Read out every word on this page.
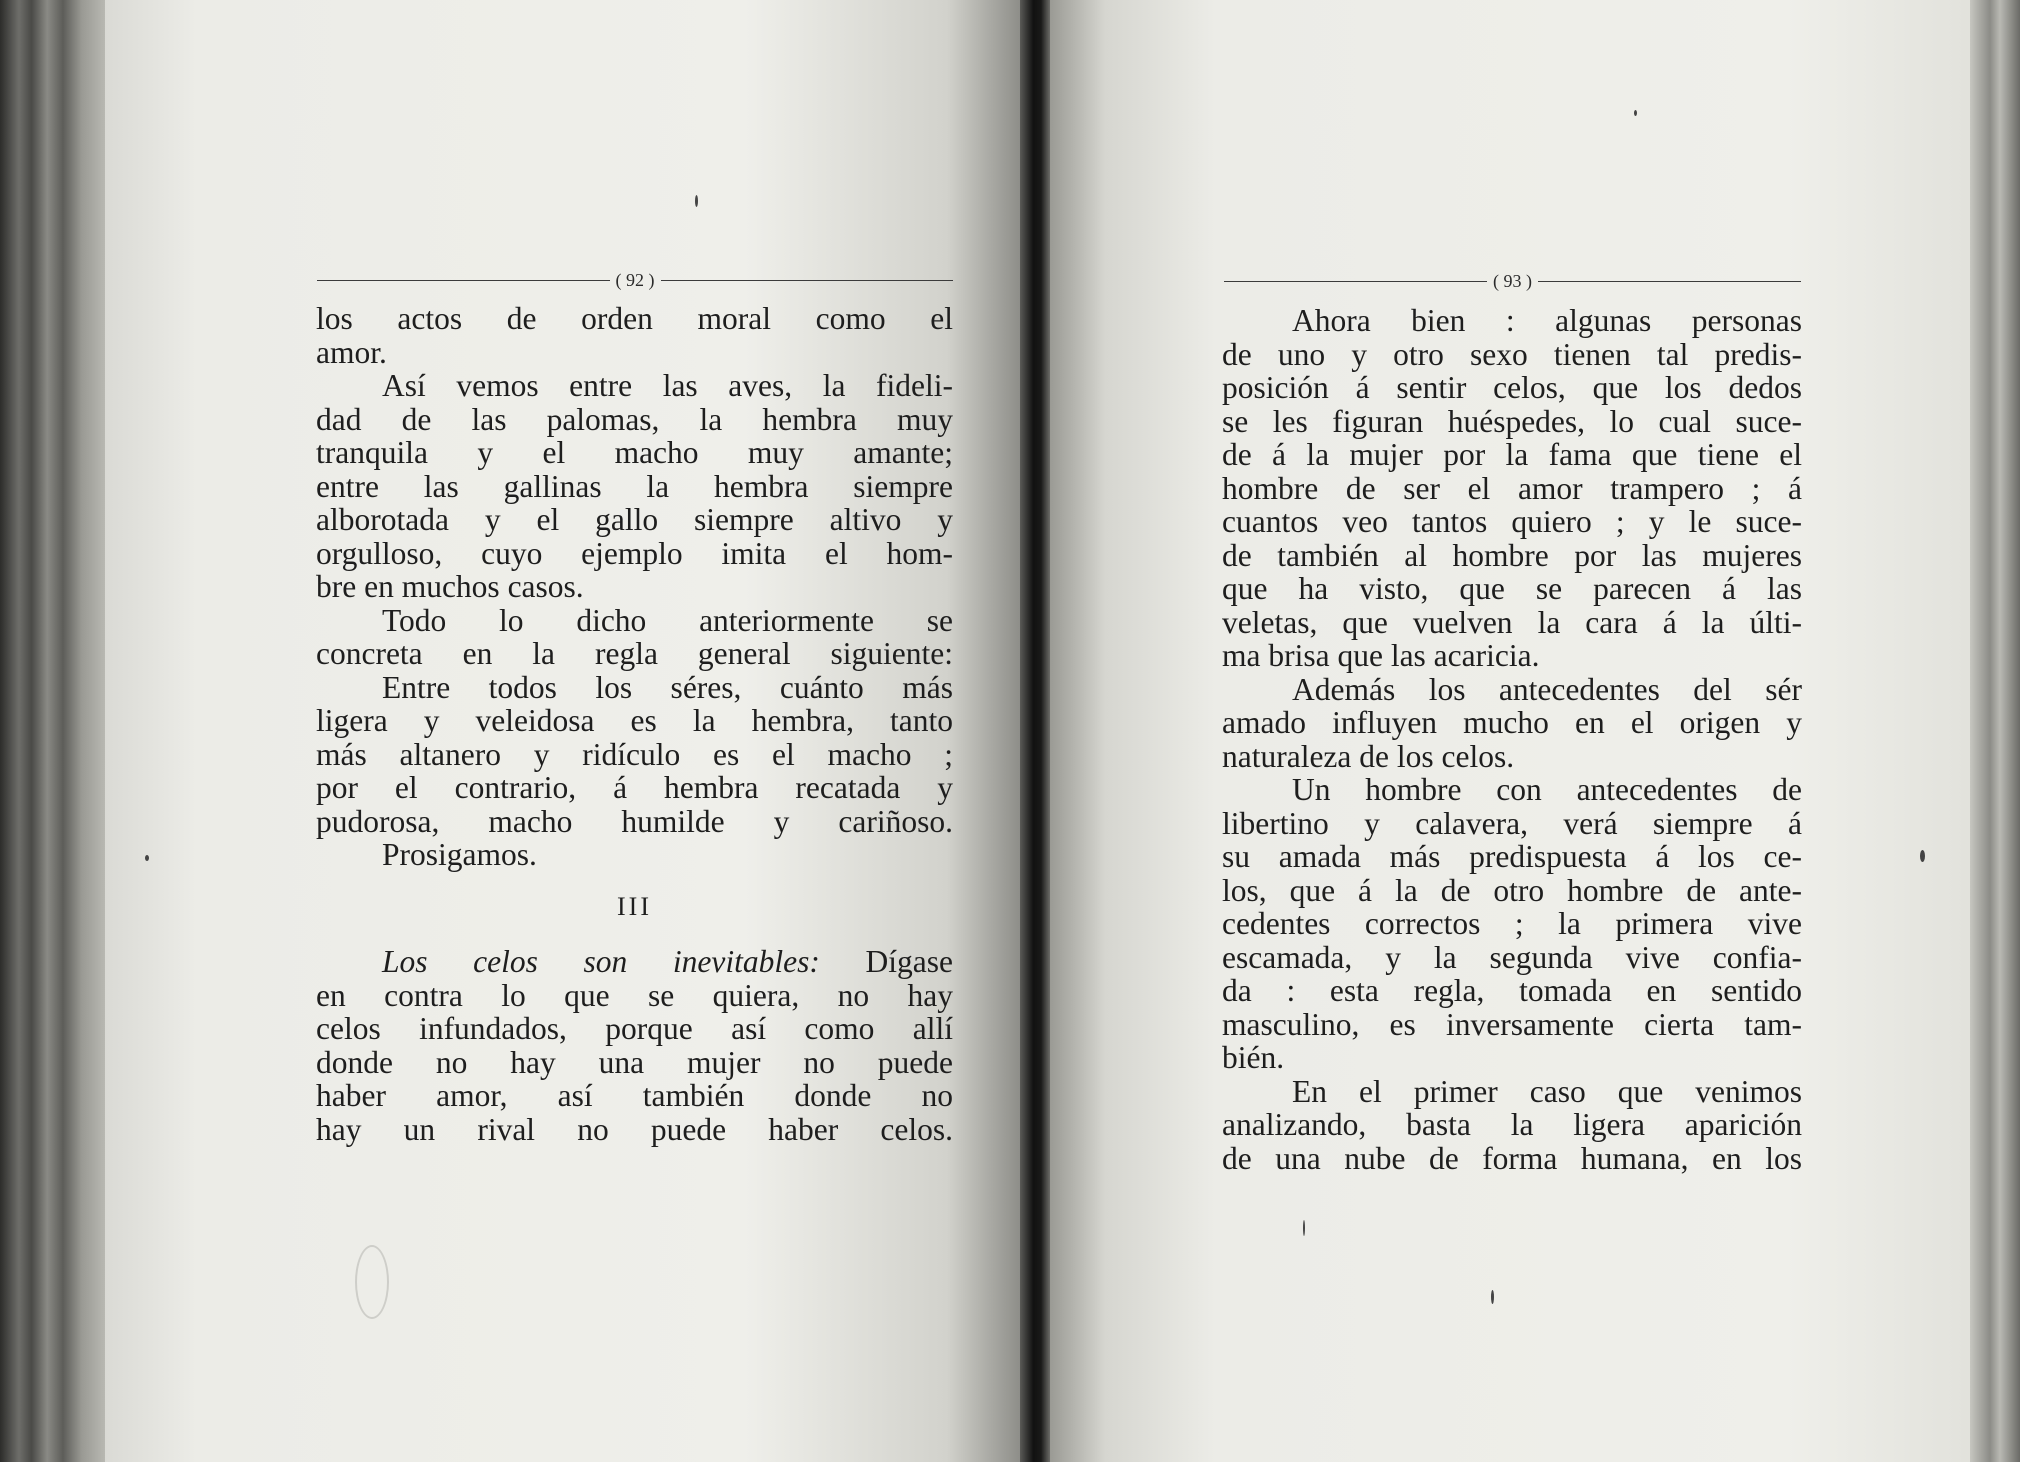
( 92 )
los actos de orden moral como el
amor.
Así vemos entre las aves, la fideli-
dad de las palomas, la hembra muy
tranquila y el macho muy amante;
entre las gallinas la hembra siempre
alborotada y el gallo siempre altivo y
orgulloso, cuyo ejemplo imita el hom-
bre en muchos casos.
Todo lo dicho anteriormente se
concreta en la regla general siguiente:
Entre todos los séres, cuánto más
ligera y veleidosa es la hembra, tanto
más altanero y ridículo es el macho ;
por el contrario, á hembra recatada y
pudorosa, macho humilde y cariñoso.
Prosigamos.
III
Los celos son inevitables: Dígase
en contra lo que se quiera, no hay
celos infundados, porque así como allí
donde no hay una mujer no puede
haber amor, así también donde no
hay un rival no puede haber celos.
( 93 )
Ahora bien : algunas personas
de uno y otro sexo tienen tal predis-
posición á sentir celos, que los dedos
se les figuran huéspedes, lo cual suce-
de á la mujer por la fama que tiene el
hombre de ser el amor trampero ; á
cuantos veo tantos quiero ; y le suce-
de también al hombre por las mujeres
que ha visto, que se parecen á las
veletas, que vuelven la cara á la últi-
ma brisa que las acaricia.
Además los antecedentes del sér
amado influyen mucho en el origen y
naturaleza de los celos.
Un hombre con antecedentes de
libertino y calavera, verá siempre á
su amada más predispuesta á los ce-
los, que á la de otro hombre de ante-
cedentes correctos ; la primera vive
escamada, y la segunda vive confia-
da : esta regla, tomada en sentido
masculino, es inversamente cierta tam-
bién.
En el primer caso que venimos
analizando, basta la ligera aparición
de una nube de forma humana, en los
